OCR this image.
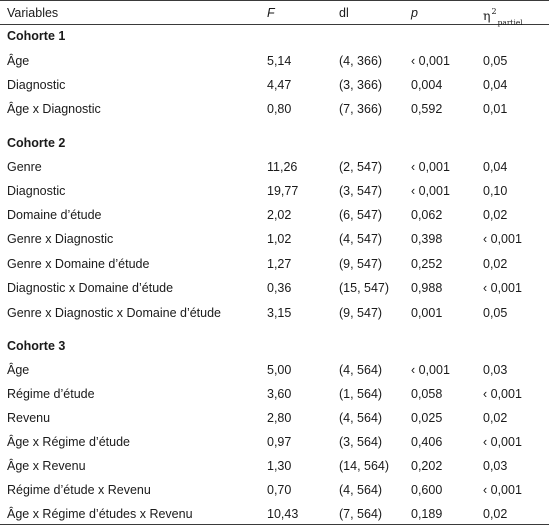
Variables	F	dl	p	$\eta^2_{partiel}$
Cohorte 1
Âge	5,14	(4, 366) ‹ 0,001	0,05
Diagnostic	4,47	(3, 366) 0,004	0,04
Âge x Diagnostic	0,80	(7, 366) 0,592	0,01
Cohorte 2
Genre	11,26	(2, 547) ‹ 0,001	0,04
Diagnostic	19,77	(3, 547) ‹ 0,001	0,10
Domaine d’étude	2,02	(6, 547) 0,062	0,02
Genre x Diagnostic	1,02	(4, 547) 0,398	‹ 0,001
Genre x Domaine d’étude	1,27	(9, 547) 0,252	0,02
Diagnostic x Domaine d’étude	0,36	(15, 547) 0,988	‹ 0,001
Genre x Diagnostic x Domaine d’étude	3,15	(9, 547) 0,001	0,05
Cohorte 3
Âge	5,00	(4, 564) ‹ 0,001	0,03
Régime d’étude	3,60	(1, 564) 0,058	‹ 0,001
Revenu	2,80	(4, 564) 0,025	0,02
Âge x Régime d’étude	0,97	(3, 564) 0,406	‹ 0,001
Âge x Revenu	1,30	(14, 564) 0,202	0,03
Régime d’étude x Revenu	0,70	(4, 564) 0,600	‹ 0,001
Âge x Régime d’études x Revenu	10,43	(7, 564) 0,189	0,02
